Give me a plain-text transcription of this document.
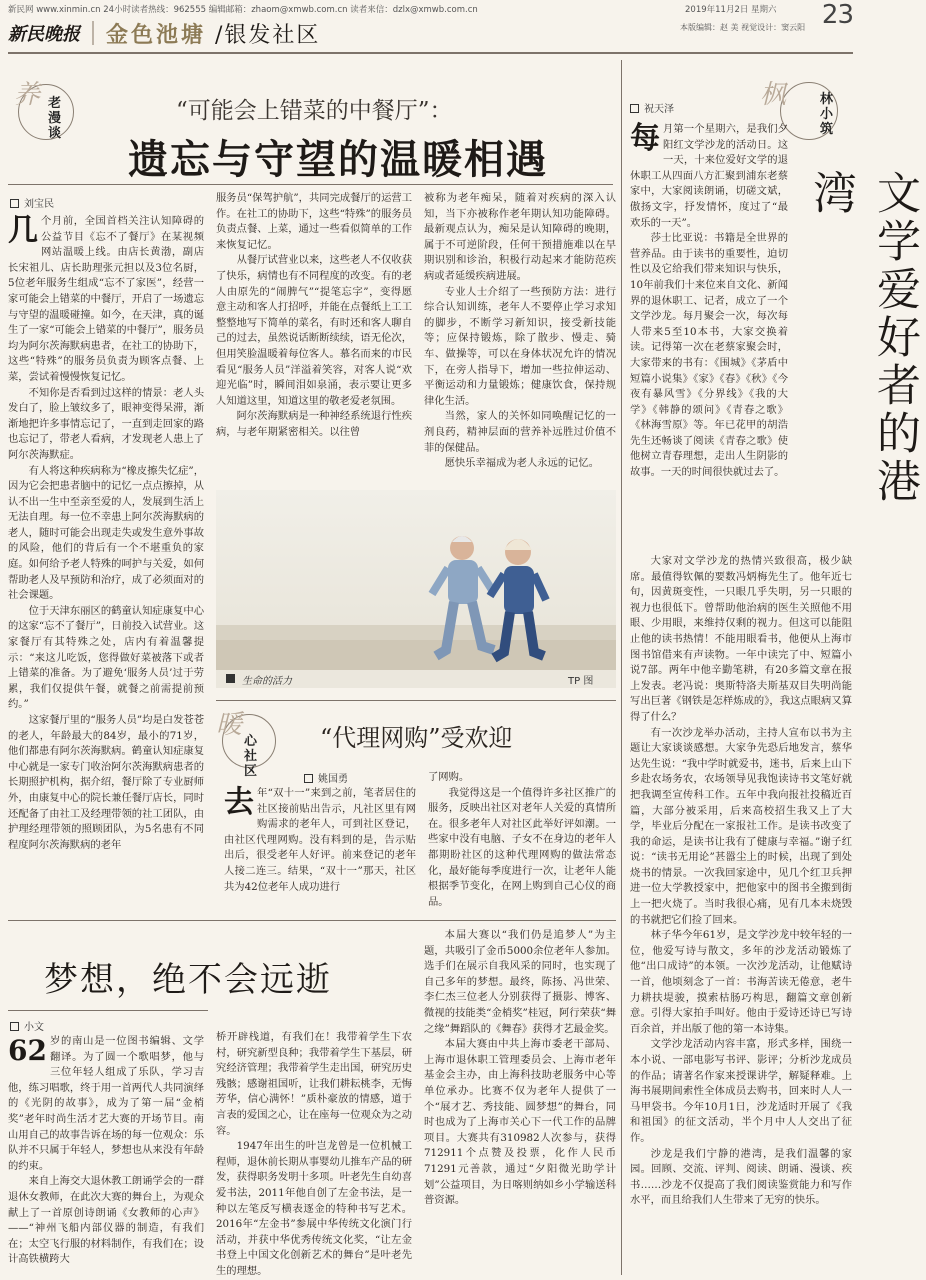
新民网 www.xinmin.cn 24小时读者热线：962555 编辑邮箱：zhaom@xmwb.com.cn 读者来信：dzlx@xmwb.com.cn	2019年11月2日 星期六 23
新民晚报 金色池塘 /银发社区	本版编辑：赵 美 视觉设计：窦云阳
养 老漫谈
“可能会上错菜的中餐厅”：
遗忘与守望的温暖相遇
刘宝民

几个月前，全国首档关注认知障碍的公益节目《忘不了餐厅》在某视频网站温暖上线。由店长黄渤，副店长宋祖儿、店长助理张元担以及3位名厨，5位老年服务生组成“忘不了家医”，经营一家可能会上错菜的中餐厅，开启了一场遗忘与守望的温暖碰撞。如今，在天津，真的诞生了一家“可能会上错菜的中餐厅”，服务员均为阿尔茨海默病患者，在社工的协助下，这些“特殊”的服务员负责为顾客点餐、上菜，尝试着慢慢恢复记忆。

不知你是否看到过这样的情景：老人头发白了，脸上皱纹多了，眼神变得呆滞，渐渐地把许多事情忘记了，一直到走回家的路也忘记了，带老人看病，才发现老人患上了阿尔茨海默症。

有人将这种疾病称为“橡皮擦失忆症”，因为它会把患者脑中的记忆一点点擦掉，从认不出一生中至亲至爱的人，发展到生活上无法自理。每一位不幸患上阿尔茨海默病的老人，随时可能会出现走失或发生意外事故的风险，他们的背后有一个不堪重负的家庭。如何给予老人特殊的呵护与关爱，如何帮助老人及早预防和治疗，成了必须面对的社会课题。

位于天津东丽区的鹤童认知症康复中心的这家“忘不了餐厅”，日前投入试营业。这家餐厅有其特殊之处，店内有着温馨提示：“来这儿吃饭，您得做好菜被落下或者上错菜的准备。为了避免‘服务人员’过于劳累，我们仅提供午餐，就餐之前需提前预约。”

这家餐厅里的“服务人员”均是白发苍苍的老人，年龄最大的84岁，最小的71岁，他们都患有阿尔茨海默病。鹤童认知症康复中心就是一家专门收治阿尔茨海默病患者的长期照护机构，据介绍，餐厅除了专业厨师外，由康复中心的院长兼任餐厅店长，同时还配备了由社工及经理带领的社工团队，由护理经理带领的照顾团队，为5名患有不同程度阿尔茨海默病的老年

服务员“保驾护航”，共同完成餐厅的运营工作。在社工的协助下，这些“特殊”的服务员负责点餐、上菜，通过一些看似简单的工作来恢复记忆。

从餐厅试营业以来，这些老人不仅收获了快乐，病情也有不同程度的改变。有的老人由原先的“闹脾气”“提笔忘字”，变得愿意主动和客人打招呼，并能在点餐纸上工工整整地写下简单的菜名，有时还和客人聊自己的过去，虽然说话断断续续，语无伦次，但用笑脸温暖着每位客人。慕名而来的市民看见“服务人员”洋溢着笑容，对客人说“欢迎光临”时，瞬间泪如泉涌，表示要让更多人知道这里，知道这里的敬老爱老氛围。

阿尔茨海默病是一种神经系统退行性疾病，与老年期紧密相关。以往曾

被称为老年痴呆，随着对疾病的深入认知，当下亦被称作老年期认知功能障碍。最新观点认为，痴呆是认知障碍的晚期，属于不可逆阶段，任何干预措施难以在早期识别和诊治，积极行动起来才能防范疾病或者延缓疾病进展。

专业人士介绍了一些预防方法：进行综合认知训练，老年人不要停止学习求知的脚步，不断学习新知识，接受新技能等；应保持锻炼，除了散步、慢走、骑车、做操等，可以在身体状况允许的情况下，在旁人指导下，增加一些拉伸运动、平衡运动和力量锻炼；健康饮食，保持规律化生活。

当然，家人的关怀如同唤醒记忆的一剂良药，精神层面的营养补远胜过价值不菲的保健品。

愿快乐幸福成为老人永远的记忆。

生命的活力	TP 图
暖
心社区
“代理网购”受欢迎
姚国勇

去年“双十一”来到之前，笔者居住的社区接前贴出告示，凡社区里有网购需求的老年人，可到社区登记，由社区代理网购。没有料到的是，告示贴出后，很受老年人好评。前来登记的老年人接二连三。结果，“双十一”那天，社区共为42位老年人成功进行

了网购。

我觉得这是一个值得许多社区推广的服务，反映出社区对老年人关爱的真情所在。很多老年人对社区此举好评如潮。一些家中没有电脑、子女不在身边的老年人都期盼社区的这种代理网购的做法常态化，最好能每季度进行一次，让老年人能根据季节变化，在网上购到自己心仪的商品。

枫	林小筑
祝天泽
文学爱好者的港湾

每月第一个星期六，是我们夕阳红文学沙龙的活动日。这一天，十来位爱好文学的退休职工从四面八方汇聚到浦东老蔡家中，大家阅读朗诵，切磋文斌，傲扬文字，抒发情怀，度过了“最欢乐的一天”。

莎士比亚说：书籍是全世界的营养品。由于读书的重要性，迫切性以及它给我们带来知识与快乐，10年前我们十来位来自文化、新闻界的退休职工、记者，成立了一个文学沙龙。每月聚会一次，每次每人带来5至10本书，大家交换着读。记得第一次在老蔡家聚会时，大家带来的书有：《围城》《茅盾中短篇小说集》《家》《春》《秋》《今夜有暴风雪》《分界线》《我的大学》《韩静的颂问》《青春之歌》《林海雪原》等。年已花甲的胡浩先生还畅谈了阅读《青春之歌》使他树立青春理想，走出人生阴影的故事。一天的时间很快就过去了。

大家对文学沙龙的热情兴致很高，极少缺席。最值得钦佩的要数冯炳梅先生了。他年近七旬，因黄斑变性，一只眼几乎失明，另一只眼的视力也很低下。曾帮助他治病的医生关照他不用眼、少用眼，来维持仅剩的视力。但这可以能阻止他的读书热情！不能用眼看书，他便从上海市图书馆借来有声读物。一年中读完了中、短篇小说7部。两年中他辛勤笔耕，有20多篇文章在报上发表。老冯说：奥斯特洛夫斯基双目失明尚能写出巨著《钢铁是怎样炼成的》，我这点眼病又算得了什么？

有一次沙龙举办活动，主持人宣布以书为主题让大家谈谈感想。大家争先恐后地发言，蔡华达先生说：“我中学时就爱书，迷书，后来上山下乡赴农场务农，农场领导见我饱读诗书文笔好就把我调至宣传科工作。五年中我向报社投稿近百篇，大部分被采用，后来高校招生我又上了大学，毕业后分配在一家报社工作。是读书改变了我的命运，是读书让我有了健康与幸福。”谢子红说：“读书无用论”甚嚣尘上的时候，出现了到处烧书的情景。一次我回家途中，见几个红卫兵押进一位大学教授家中，把他家中的图书全搬到街上一把火烧了。当时我很心痛，见有几本未烧毁的书就把它们捡了回来。

林子华今年61岁，是文学沙龙中较年轻的一位，他爱写诗与散文，多年的沙龙活动锻炼了他“出口成诗”的本领。一次沙龙活动，让他赋诗一首，他顷刻念了一首：书海苦读无倦意，老牛力耕扶堤骏，摸索枯肠巧构思，翻篇文章创新意。引得大家拍手叫好。他由于爱诗还诗已写诗百余首，并出版了他的第一本诗集。

文学沙龙活动内容丰富，形式多样，围绕一本小说、一部电影写书评、影评；分析沙龙成员的作品；请著名作家来授课讲学，解疑释难。上海书展期间索性全体成员去购书，回来时人人一马甲袋书。今年10月1日，沙龙适时开展了《我和祖国》的征文活动，半个月中人人交出了征作。

沙龙是我们宁静的港湾，是我们温馨的家园。回顾、交流、评判、阅读、朗诵、漫谈、疾书……沙龙不仅提高了我们阅读鉴赏能力和写作水平，而且给我们人生带来了无穷的快乐。

梦想，绝不会远逝
小文

62 岁的南山是一位图书编辑、文学翻译。为了圆一个歌唱梦，他与三位年轻人组成了乐队，学习吉他，练习唱歌，终于用一首两代人共同演绎的《光阴的故事》，成为了第一届“金梢奖”老年时尚生活才艺大赛的开场节目。南山用自己的故事告诉在场的每一位观众：乐队并不只属于年轻人，梦想也从来没有年龄的约束。

来自上海交大退休教工朗诵学会的一群退休女教师，在此次大赛的舞台上，为观众献上了一首原创诗朗诵《女教师的心声》——“神州飞船内部仪器的制造，有我们在；太空飞行服的材料制作，有我们在；设计高铁横跨大

桥开辟栈道，有我们在！我带着学生下农村，研究新型良种；我带着学生下基层，研究经济管理；我带着学生走出国，研究历史残骸；感谢祖国听，让我们耕耘桃李，无悔芳华，信心满怀！”质朴豪放的情感，道于言表的爱国之心，让在座每一位观众为之动容。

1947年出生的叶岂龙曾是一位机械工程师，退休前长期从事婴幼儿推车产品的研发，获得职务发明十多项。叶老先生自幼喜爱书法，2011年他自创了左金书法，是一种以左笔反写横表逐金的特种书写艺术。2016年“左金书”参展中华传统文化演门行活动，并获中华优秀传统文化奖，“让左金书登上中国文化创新艺术的舞台”是叶老先生的理想。

本届大赛以“我们仍是追梦人”为主题，共吸引了金币5000余位老年人参加。选手们在展示自我风采的同时，也实现了自己多年的梦想。最终，陈扬、冯世荣、李仁杰三位老人分别获得了摄影、博客、微视的技能类“金梢奖”桂冠，阿行荣获“舞之缘”舞蹈队的《舞春》获得才艺最金奖。

本届大赛由中共上海市委老干部局、上海市退休职工管理委员会、上海市老年基金会主办，由上海科技助老服务中心等单位承办。比赛不仅为老年人提供了一个“展才艺、秀技能、圆梦想”的舞台，同时也成为了上海市关心下一代工作的品牌项目。大赛共有310982人次参与，获得712911个点赞及投票，化作人民币71291元善款，通过“夕阳微光助学计划”公益项目，为日喀则纳如乡小学输送科普资源。
